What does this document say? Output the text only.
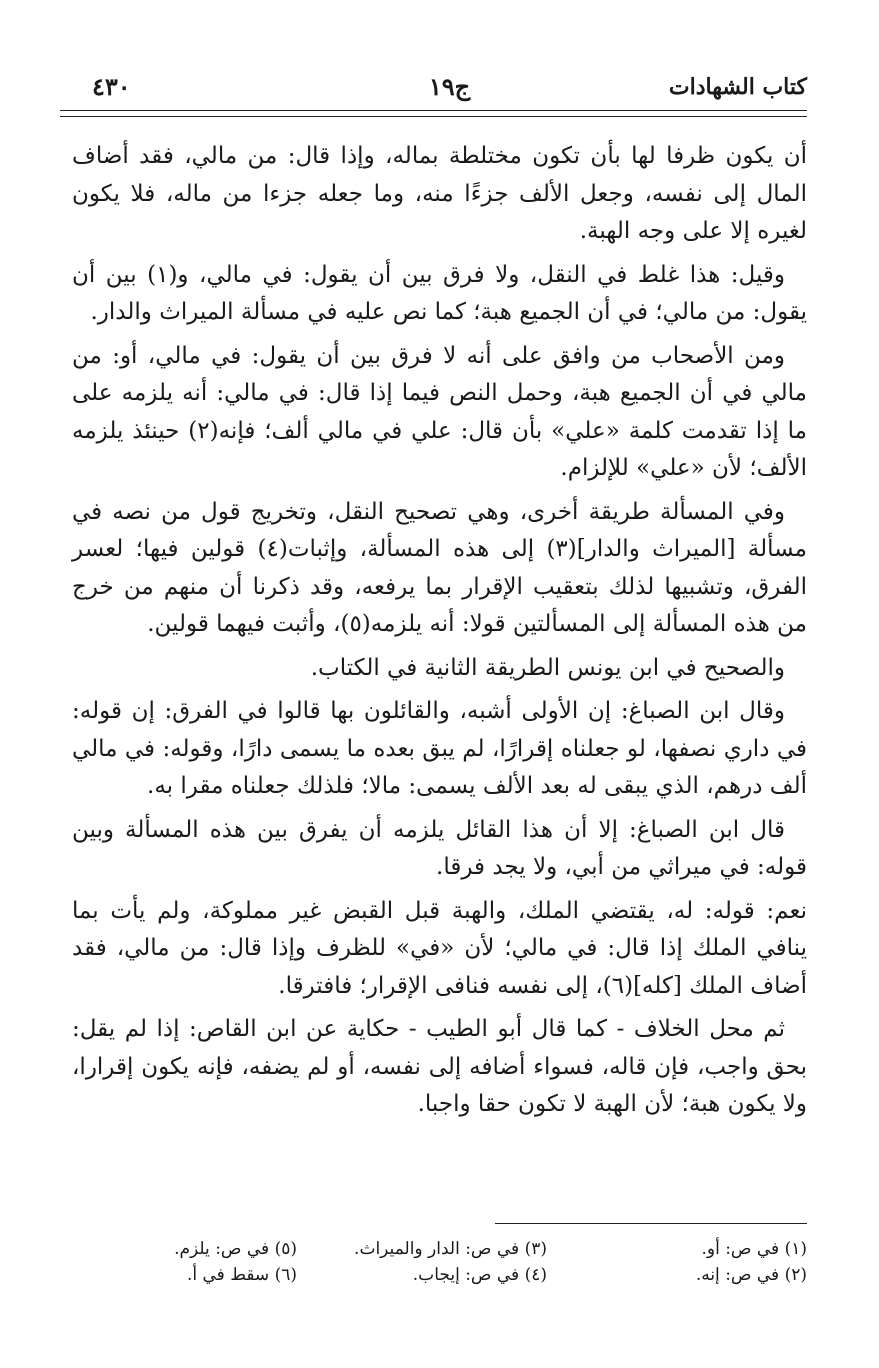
كتاب الشهادات
ج١٩
٤٣٠

أن يكون ظرفا لها بأن تكون مختلطة بماله، وإذا قال: من مالي، فقد أضاف المال إلى نفسه، وجعل الألف جزءًا منه، وما جعله جزءا من ماله، فلا يكون لغيره إلا على وجه الهبة.

وقيل: هذا غلط في النقل، ولا فرق بين أن يقول: في مالي، و(١) بين أن يقول: من مالي؛ في أن الجميع هبة؛ كما نص عليه في مسألة الميراث والدار.

ومن الأصحاب من وافق على أنه لا فرق بين أن يقول: في مالي، أو: من مالي في أن الجميع هبة، وحمل النص فيما إذا قال: في مالي: أنه يلزمه على ما إذا تقدمت كلمة «علي» بأن قال: علي في مالي ألف؛ فإنه(٢) حينئذ يلزمه الألف؛ لأن «علي» للإلزام.

وفي المسألة طريقة أخرى، وهي تصحيح النقل، وتخريج قول من نصه في مسألة [الميراث والدار](٣) إلى هذه المسألة، وإثبات(٤) قولين فيها؛ لعسر الفرق، وتشبيها لذلك بتعقيب الإقرار بما يرفعه، وقد ذكرنا أن منهم من خرج من هذه المسألة إلى المسألتين قولا: أنه يلزمه(٥)، وأثبت فيهما قولين.

والصحيح في ابن يونس الطريقة الثانية في الكتاب.

وقال ابن الصباغ: إن الأولى أشبه، والقائلون بها قالوا في الفرق: إن قوله: في داري نصفها، لو جعلناه إقرارًا، لم يبق بعده ما يسمى دارًا، وقوله: في مالي ألف درهم، الذي يبقى له بعد الألف يسمى: مالا؛ فلذلك جعلناه مقرا به.

قال ابن الصباغ: إلا أن هذا القائل يلزمه أن يفرق بين هذه المسألة وبين قوله: في ميراثي من أبي، ولا يجد فرقا.

نعم: قوله: له، يقتضي الملك، والهبة قبل القبض غير مملوكة، ولم يأت بما ينافي الملك إذا قال: في مالي؛ لأن «في» للظرف وإذا قال: من مالي، فقد أضاف الملك [كله](٦)، إلى نفسه فنافى الإقرار؛ فافترقا.

ثم محل الخلاف - كما قال أبو الطيب - حكاية عن ابن القاص: إذا لم يقل: بحق واجب، فإن قاله، فسواء أضافه إلى نفسه، أو لم يضفه، فإنه يكون إقرارا، ولا يكون هبة؛ لأن الهبة لا تكون حقا واجبا.

(١) في ص: أو.
(٣) في ص: الدار والميراث.
(٥) في ص: يلزم.
(٢) في ص: إنه.
(٤) في ص: إيجاب.
(٦) سقط في أ.
